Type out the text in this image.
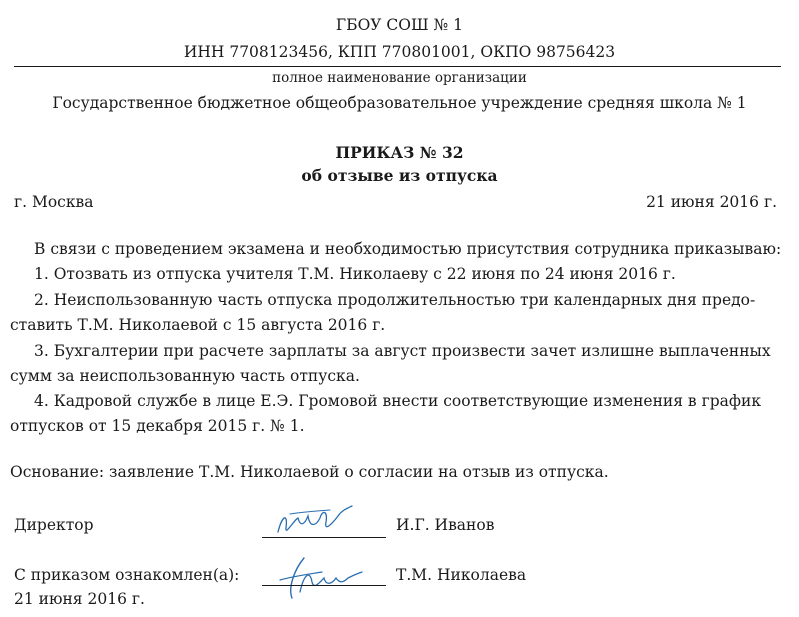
ГБОУ СОШ № 1
ИНН 7708123456, КПП 770801001, ОКПО 98756423
полное наименование организации
Государственное бюджетное общеобразовательное учреждение средняя школа № 1
ПРИКАЗ № 32
об отзыве из отпуска
г. Москва	21 июня 2016 г.
В связи с проведением экзамена и необходимостью присутствия сотрудника приказываю:
1. Отозвать из отпуска учителя Т.М. Николаеву с 22 июня по 24 июня 2016 г.
2. Неиспользованную часть отпуска продолжительностью три календарных дня предо-
ставить Т.М. Николаевой с 15 августа 2016 г.
3. Бухгалтерии при расчете зарплаты за август произвести зачет излишне выплаченных
сумм за неиспользованную часть отпуска.
4. Кадровой службе в лице Е.Э. Громовой внести соответствующие изменения в график
отпусков от 15 декабря 2015 г. № 1.
Основание: заявление Т.М. Николаевой о согласии на отзыв из отпуска.
Директор	И.Г. Иванов
С приказом ознакомлен(а):	Т.М. Николаева
21 июня 2016 г.
